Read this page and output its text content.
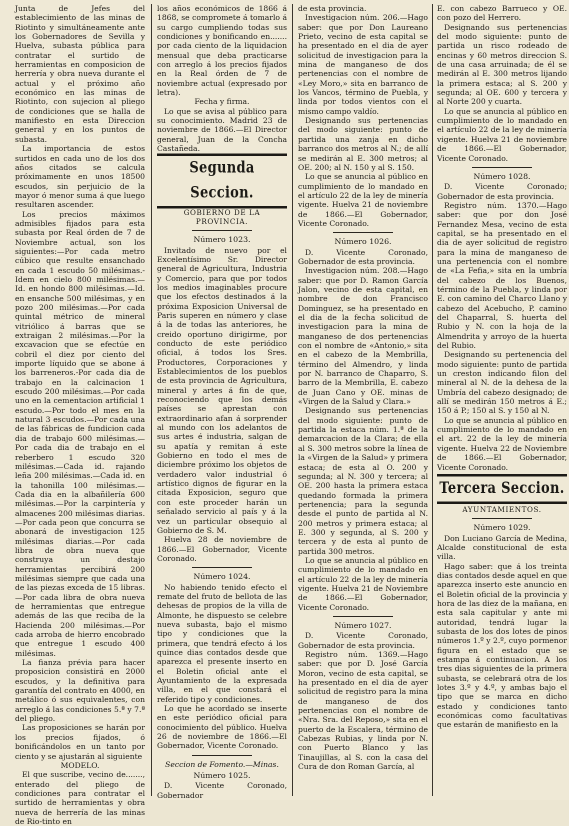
Junta de Jefes del establecimiento de las minas de Riotinto y simultáneamente ante los Gobernadores de Sevilla y Huelva, subasta pública para contratar el surtido de herramientas en composicion de herrería y obra nueva durante el actual y el próximo año económico en las minas de Riotinto, con sujecion al pliego de condiciones que se halla de manifiesto en esta Direccion general y en los puntos de subasta.

La importancia de estos surtidos en cada uno de los dos años citados se calcula próximamente en unos 18500 escudos, sin perjuicio de la mayor ó menor suma á que luego resultaren ascender.

Los precios máximos admisibles fijados para esta subasta por Real órden de 7 de Noviembre actual, son los siguientes:—Por cada metro cúbico que resulte ensanchado en cada 1 escudo 50 milésimas.-Idem en cielo 800 milésimas.—Id. en hondo 800 milésimas.—Id. en ensanche 500 milésimas, y en pozo 200 milésimas.—Por cada quintal métrico de mineral vitriólico á barras que se extraigan 2 milésimas.—Por la excavacion que se efectúe en cobril el diez por ciento del importe líquido que se abone á los barreneros.-Por cada dia de trabajo en la calcinacion 1 escudo 200 milésimas.—Por cada uno en la cementacion artificial 1 escudo.—Por todo el mes en la natural 3 escudos.—Por cada una de las fábricas de fundicion cada dia de trabajo 600 milésimas.—Por cada dia de trabajo en el reberbero 1 escudo 320 milésimas.—Cada id. rajando leña 200 milésimas.—Cada id. en la tahonilla 100 milésimas.—Cada dia en la albañilería 600 milésimas.—Por la carpintería y almacenes 200 milésimas diarias.—Por cada peon que concurra se abonará de investigacion 125 milésimas diarias.—Por cada libra de obra nueva que construya un destajo herramientas percibirá 200 milésimas siempre que cada una de las piezas exceda de 15 libras.—Por cada libra de obra nueva de herramientas que entregue además de las que reciba de la Hacienda 200 milésimas.—Por cada arroba de hierro encobrado que entregue 1 escudo 400 milésimas.

La fianza prévia para hacer proposicion consistirá en 2000 escudos, y la definitiva para garantía del contrato en 4000, en metálico ó sus equivalentes, con arreglo á las condiciones 5.ª y 7.ª del pliego.

Las proposiciones se harán por los precios fijados, ó bonificándolos en un tanto por ciento y se ajustarán al siguiente

MODELO.

El que suscribe, vecino de......., enterado del pliego de condiciones para contratar el surtido de herramientas y obra nueva de herrería de las minas de Rio-tinto en

los años económicos de 1866 á 1868, se compromete á tomarlo á su cargo cumpliendo todas sus condiciones y bonificando en....... por cada ciento de la liquidacion mensual que deba practicarse con arreglo á los precios fijados en la Real órden de 7 de noviembre actual (expresado por letra).

Fecha y firma.

Lo que se avisa al público para su conocimiento. Madrid 23 de noviembre de 1866.—El Director general, Juan de la Concha Castañeda.

Segunda Seccion.

GOBIERNO DE LA PROVINCIA.

Número 1023.

Invitado de nuevo por el Excelentísimo Sr. Director general de Agricultura, Industria y Comercio, para que por todos los medios imaginables procure que los efectos destinados á la próxima Exposicion Universal de Paris superen en número y clase á la de todas las anteriores, he creido oportuno dirigirme, por conducto de este periódico oficial, á todos los Sres. Productores, Corporaciones y Establecimientos de los pueblos de esta provincia de Agricultura, mineral y artes á fin de que, reconociendo que los demás países se aprestan con extraordinario afan á sorprender al mundo con los adelantos de sus artes é industria, salgan de su apatía y remitan á este Gobierno en todo el mes de diciembre próximo los objetos de verdadero valor industrial ó artístico dignos de figurar en la citada Exposicion, seguro que con este proceder harán un señalado servicio al país y á la vez un particular obsequio al Gobierno de S. M.

Huelva 28 de noviembre de 1866.—El Gobernador, Vicente Coronado.

Número 1024.

No habiendo tenido efecto el remate del fruto de bellota de las dehesas de propios de la villa de Almonte, he dispuesto se celebre nueva subasta, bajo el mismo tipo y condiciones que la primera, que tendrá efecto á los quince dias contados desde que aparezca el presente inserto en el Boletin oficial ante el Ayuntamiento de la expresada villa, en el que constará el referido tipo y condiciones.

Lo que he acordado se inserte en este periódico oficial para conocimiento del público. Huelva 26 de noviembre de 1866.—El Gobernador, Vicente Coronado.

Seccion de Fomento.—Minas.

Número 1025.

D. Vicente Coronado, Gobernador

de esta provincia.

Investigacion núm. 206.—Hago saber: que por Don Laureano Prieto, vecino de esta capital se ha presentado en el dia de ayer solicitud de investigacion para la mina de manganeso de dos pertenencias con el nombre de «Ley Moro,» sita en barranco de los Vancos, término de Puebla, y linda por todos vientos con el mismo campo valdío.

Designando sus pertenencias del modo siguiente: punto de partida una zanja en dicho barranco dos metros al N.; de allí se medirán al E. 300 metros; al OE. 200; al N. 150 y al S. 150.

Lo que se anuncia al público en cumplimiento de lo mandado en el artículo 22 de la ley de minería vigente. Huelva 21 de noviembre de 1866.—El Gobernador, Vicente Coronado.

Número 1026.

D. Vicente Coronado, Gobernador de esta provincia.

Investigacion núm. 208.—Hago saber: que por D. Ramon García Jalon, vecino de esta capital, en nombre de don Francisco Dominguez, se ha presentado en el dia de la fecha solicitud de investigacion para la mina de manganeso de dos pertenencias con el nombre de «Antonio,» sita en el cabezo de la Membrilla, término del Almendro, y linda por N. barranco de Chaparro, S. barro de la Membrilla, E. cabezo de Juan Cano y OE. minas de «Virgen de la Salud y Clara.»

Designando sus pertenencias del modo siguiente: punto de partida la estaca núm. 1.ª de la demarcacion de la Clara; de ella al S. 300 metros sobre la línea de la «Virgen de la Salud» y primera estaca; de esta al O. 200 y segunda; al N. 300 y tercera; al OE. 200 hasta la primera estaca quedando formada la primera pertenencia; para la segunda desde el punto de partida al N. 200 metros y primera estaca; al E. 300 y segunda, al S. 200 y tercera y de esta al punto de partida 300 metros.

Lo que se anuncia al público en cumplimiento de lo mandado en el artículo 22 de la ley de minería vigente. Huelva 21 de Noviembre de 1866.—El Gobernador, Vicente Coronado.

Número 1027.

D. Vicente Coronado, Gobernador de esta provincia.

Registro núm. 1369.—Hago saber: que por D. José García Moron, vecino de esta capital, se ha presentado en el dia de ayer solicitud de registro para la mina de manganeso de dos pertenencias con el nombre de «Nra. Sra. del Reposo,» sita en el puerto de la Escalera, término de Cabezas Rubias, y linda por N. con Puerto Blanco y las Tinaujillas, al S. con la casa del Cura de don Roman García, al

E. con cabezo Barrueco y OE. con pozo del Herrero.

Designando sus pertenencias del modo siguiente: punto de partida un risco rodeado de encinas y 60 metros direccion S. de una casa arruinada; de él se medirán al E. 300 metros lijando la primera estaca; al S. 200 y segunda; al OE. 600 y tercera y al Norte 200 y cuarta.

Lo que se anuncia al público en cumplimiento de lo mandado en el artículo 22 de la ley de minería vigente. Huelva 21 de noviembre de 1866.—El Gobernador, Vicente Coronado.

Número 1028.

D. Vicente Coronado; Gobernador de esta provincia.

Registro núm. 1370.—Hago saber: que por don José Fernandez Mesa, vecino de esta capital, se ha presentado en el dia de ayer solicitud de registro para la mina de manganeso de una pertenencia con el nombre de «La Fefia,» sita en la umbría del cabezo de los Buenos, término de la Puebla, y linda por E. con camino del Charco Llano y cabezo del Acebucho, P. camino del Chaparral, S. huerta del Rubio y N. con la hoja de la Almendrita y arroyo de la huerta del Rubio.

Designando su pertenencia del modo siguiente: punto de partida un creston indicando filon del mineral al N. de la dehesa de la Umbría del cabezo designado; de allí se medirán 150 metros á E.; 150 á P.; 150 al S. y 150 al N.

Lo que se anuncia al público en cumplimiento de lo mandado en el art. 22 de la ley de minería vigente. Huelva 22 de Noviembre de 1866.—El Gobernador, Vicente Coronado.

Tercera Seccion.

AYUNTAMIENTOS.

Número 1029.

Don Luciano García de Medina, Alcalde constitucional de esta villa.

Hago saber: que á los treinta dias contados desde aquel en que aparezca inserto este anuncio en el Boletin oficial de la provincia y hora de las diez de la mañana, en esta sala capitular y ante mi autoridad, tendrá lugar la subasta de los dos lotes de pinos números 1.º y 2.º, cuyo pormenor figura en el estado que se estampa á continuacion. A los tres dias siguientes de la primera subasta, se celebrará otra de los lotes 3.º y 4.º, y ambas bajo el tipo que se marca en dicho estado y condiciones tanto económicas como facultativas que estarán de manifiesto en la
